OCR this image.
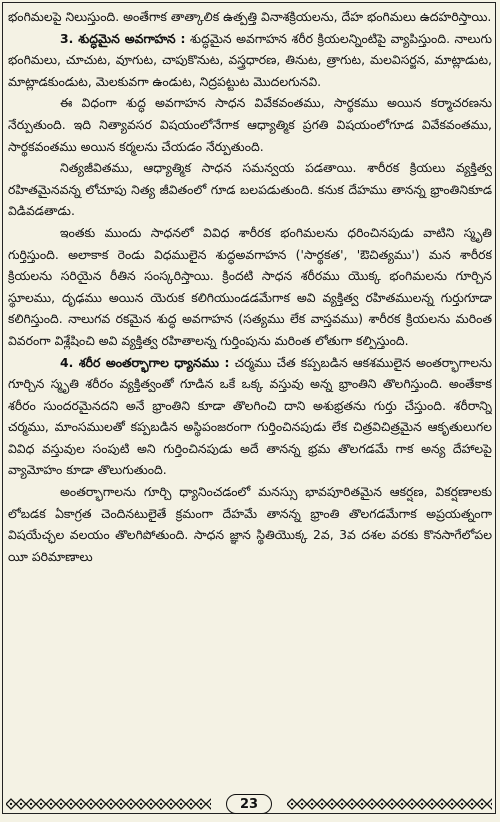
భంగిమలపై నిలుస్తుంది. అంతేగాక తాత్కాలిక ఉత్పత్తి వినాశక్రియలను, దేహ భంగిమలు ఉదహరిస్తాయి.

3. శుద్ధమైన అవగాహన : శుద్ధమైన అవగాహన శరీర క్రియలన్నింటిపై వ్యాపిస్తుంది. నాలుగు భంగిమలు, చూచుట, వూగుట, చాపుకొనుట, వస్త్రధారణ, తినుట, త్రాగుట, మలవిసర్జన, మాట్లాడుట, మాట్లాడకుండుట, మెలకువగా ఉండుట, నిద్రపట్టుట మొదలగునవి.

ఈ విధంగా శుద్ధ అవగాహన సాధన వివేకవంతము, సార్థకము అయిన కర్మాచరణను నేర్పుతుంది. ఇది నిత్యావసర విషయంలోనేగాక ఆధ్యాత్మిక ప్రగతి విషయంలోగూడ వివేకవంతము, సార్థకవంతము అయిన కర్మలను చేయడం నేర్పుతుంది.

నిత్యజీవితము, ఆధ్యాత్మిక సాధన సమన్వయ పడతాయి. శారీరక క్రియలు వ్యక్తిత్వ రహితమైనవన్న లోచూపు నిత్య జీవితంలో గూడ బలపడుతుంది. కనుక దేహము తానన్న భ్రాంతినికూడ విడివడతాడు.

ఇంతకు ముందు సాధనలో వివిధ శారీరక భంగిమలను ధరించినపుడు వాటిని స్మృతి గుర్తిస్తుంది. అలాకాక రెండు విధములైన శుద్ధఅవగాహన ('సార్థకత', 'ఔచిత్యము') మన శారీరక క్రియలను సరియైన రీతిన సంస్కరిస్తాయి. క్రిందటి సాధన శరీరము యొక్క భంగిమలను గూర్చిన స్థూలము, దృఢము అయిన యెరుక కలిగియుండడమేగాక అవి వ్యక్తిత్వ రహితములన్న గుర్తుగూడా కలిగిస్తుంది. నాలుగవ రకమైన శుద్ధ అవగాహన (సత్యము లేక వాస్తవము) శారీరక క్రియలను మరింత వివరంగా విశ్లేషించి అవి వ్యక్తిత్వ రహితాలన్న గుర్తింపును మరింత లోతుగా కల్పిస్తుంది.

4. శరీర అంతర్భాగాల ధ్యానము : చర్మము చేత కప్పబడిన ఆకశములైన అంతర్భాగాలను గూర్చిన స్మృతి శరీరం వ్యక్తిత్వంతో గూడిన ఒకే ఒక్క వస్తువు అన్న భ్రాంతిని తొలగిస్తుంది. అంతేకాక శరీరం సుందరమైనదని అనే భ్రాంతిని కూడా తొలగించి దాని అశుభ్రతను గుర్తు చేస్తుంది. శరీరాన్ని చర్మము, మాంసములతో కప్పబడిన అస్థిపంజరంగా గుర్తించినపుడు లేక చిత్రవిచిత్రమైన ఆకృతులుగల వివిధ వస్తువుల సంపుటి అని గుర్తించినపుడు అదే తానన్న భ్రమ తొలగడమే గాక అన్య దేహాలపై వ్యామోహం కూడా తొలుగుతుంది.

అంతర్భాగాలను గూర్చి ధ్యానించడంలో మనస్సు భావపూరితమైన ఆకర్షణ, వికర్షణాలకు లోబడక ఏకాగ్రత చెందినటులైతే క్రమంగా దేహమే తానన్న భ్రాంతి తొలగడమేగాక అప్రయత్నంగా విషయేచ్ఛల వలయం తొలగిపోతుంది. సాధన జ్ఞాన స్థితియొక్క 2వ, 3వ దశల వరకు కొనసాగేలోపల యీ పరిమాణాలు

23
